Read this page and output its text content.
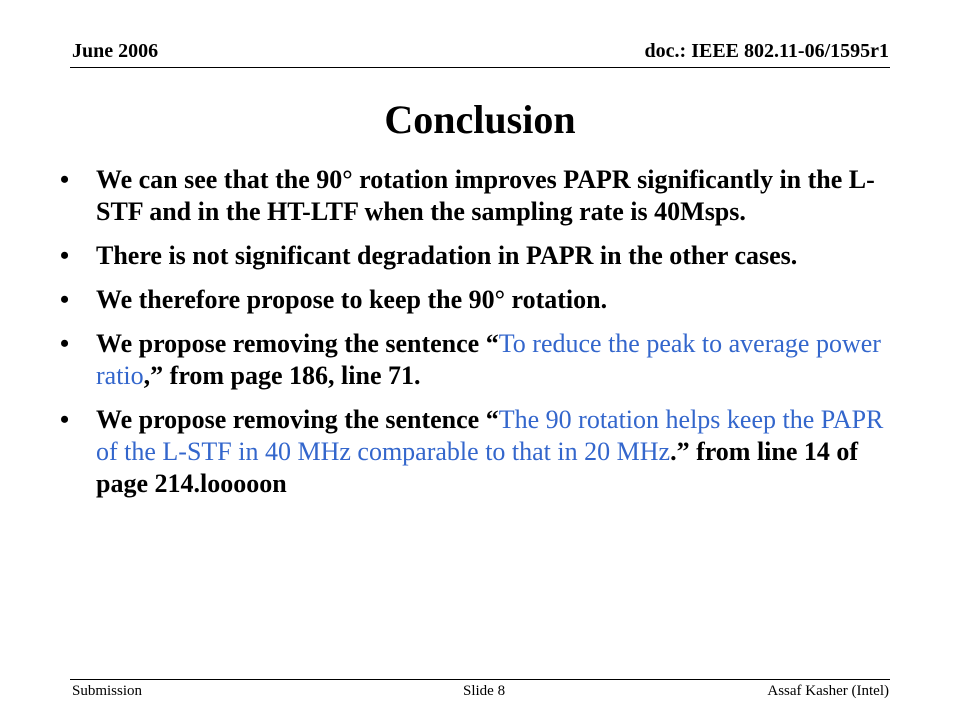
June 2006	doc.: IEEE 802.11-06/1595r1
Conclusion
• We can see that the 90° rotation improves PAPR significantly in the L-STF and in the HT-LTF when the sampling rate is 40Msps.
• There is not significant degradation in PAPR in the other cases.
• We therefore propose to keep the 90° rotation.
• We propose removing the sentence “To reduce the peak to average power ratio,” from page 186, line 71.
• We propose removing the sentence “The 90 rotation helps keep the PAPR of the L-STF in 40 MHz comparable to that in 20 MHz.” from line 14 of page 214.looooon
Submission	Slide 8	Assaf Kasher (Intel)
